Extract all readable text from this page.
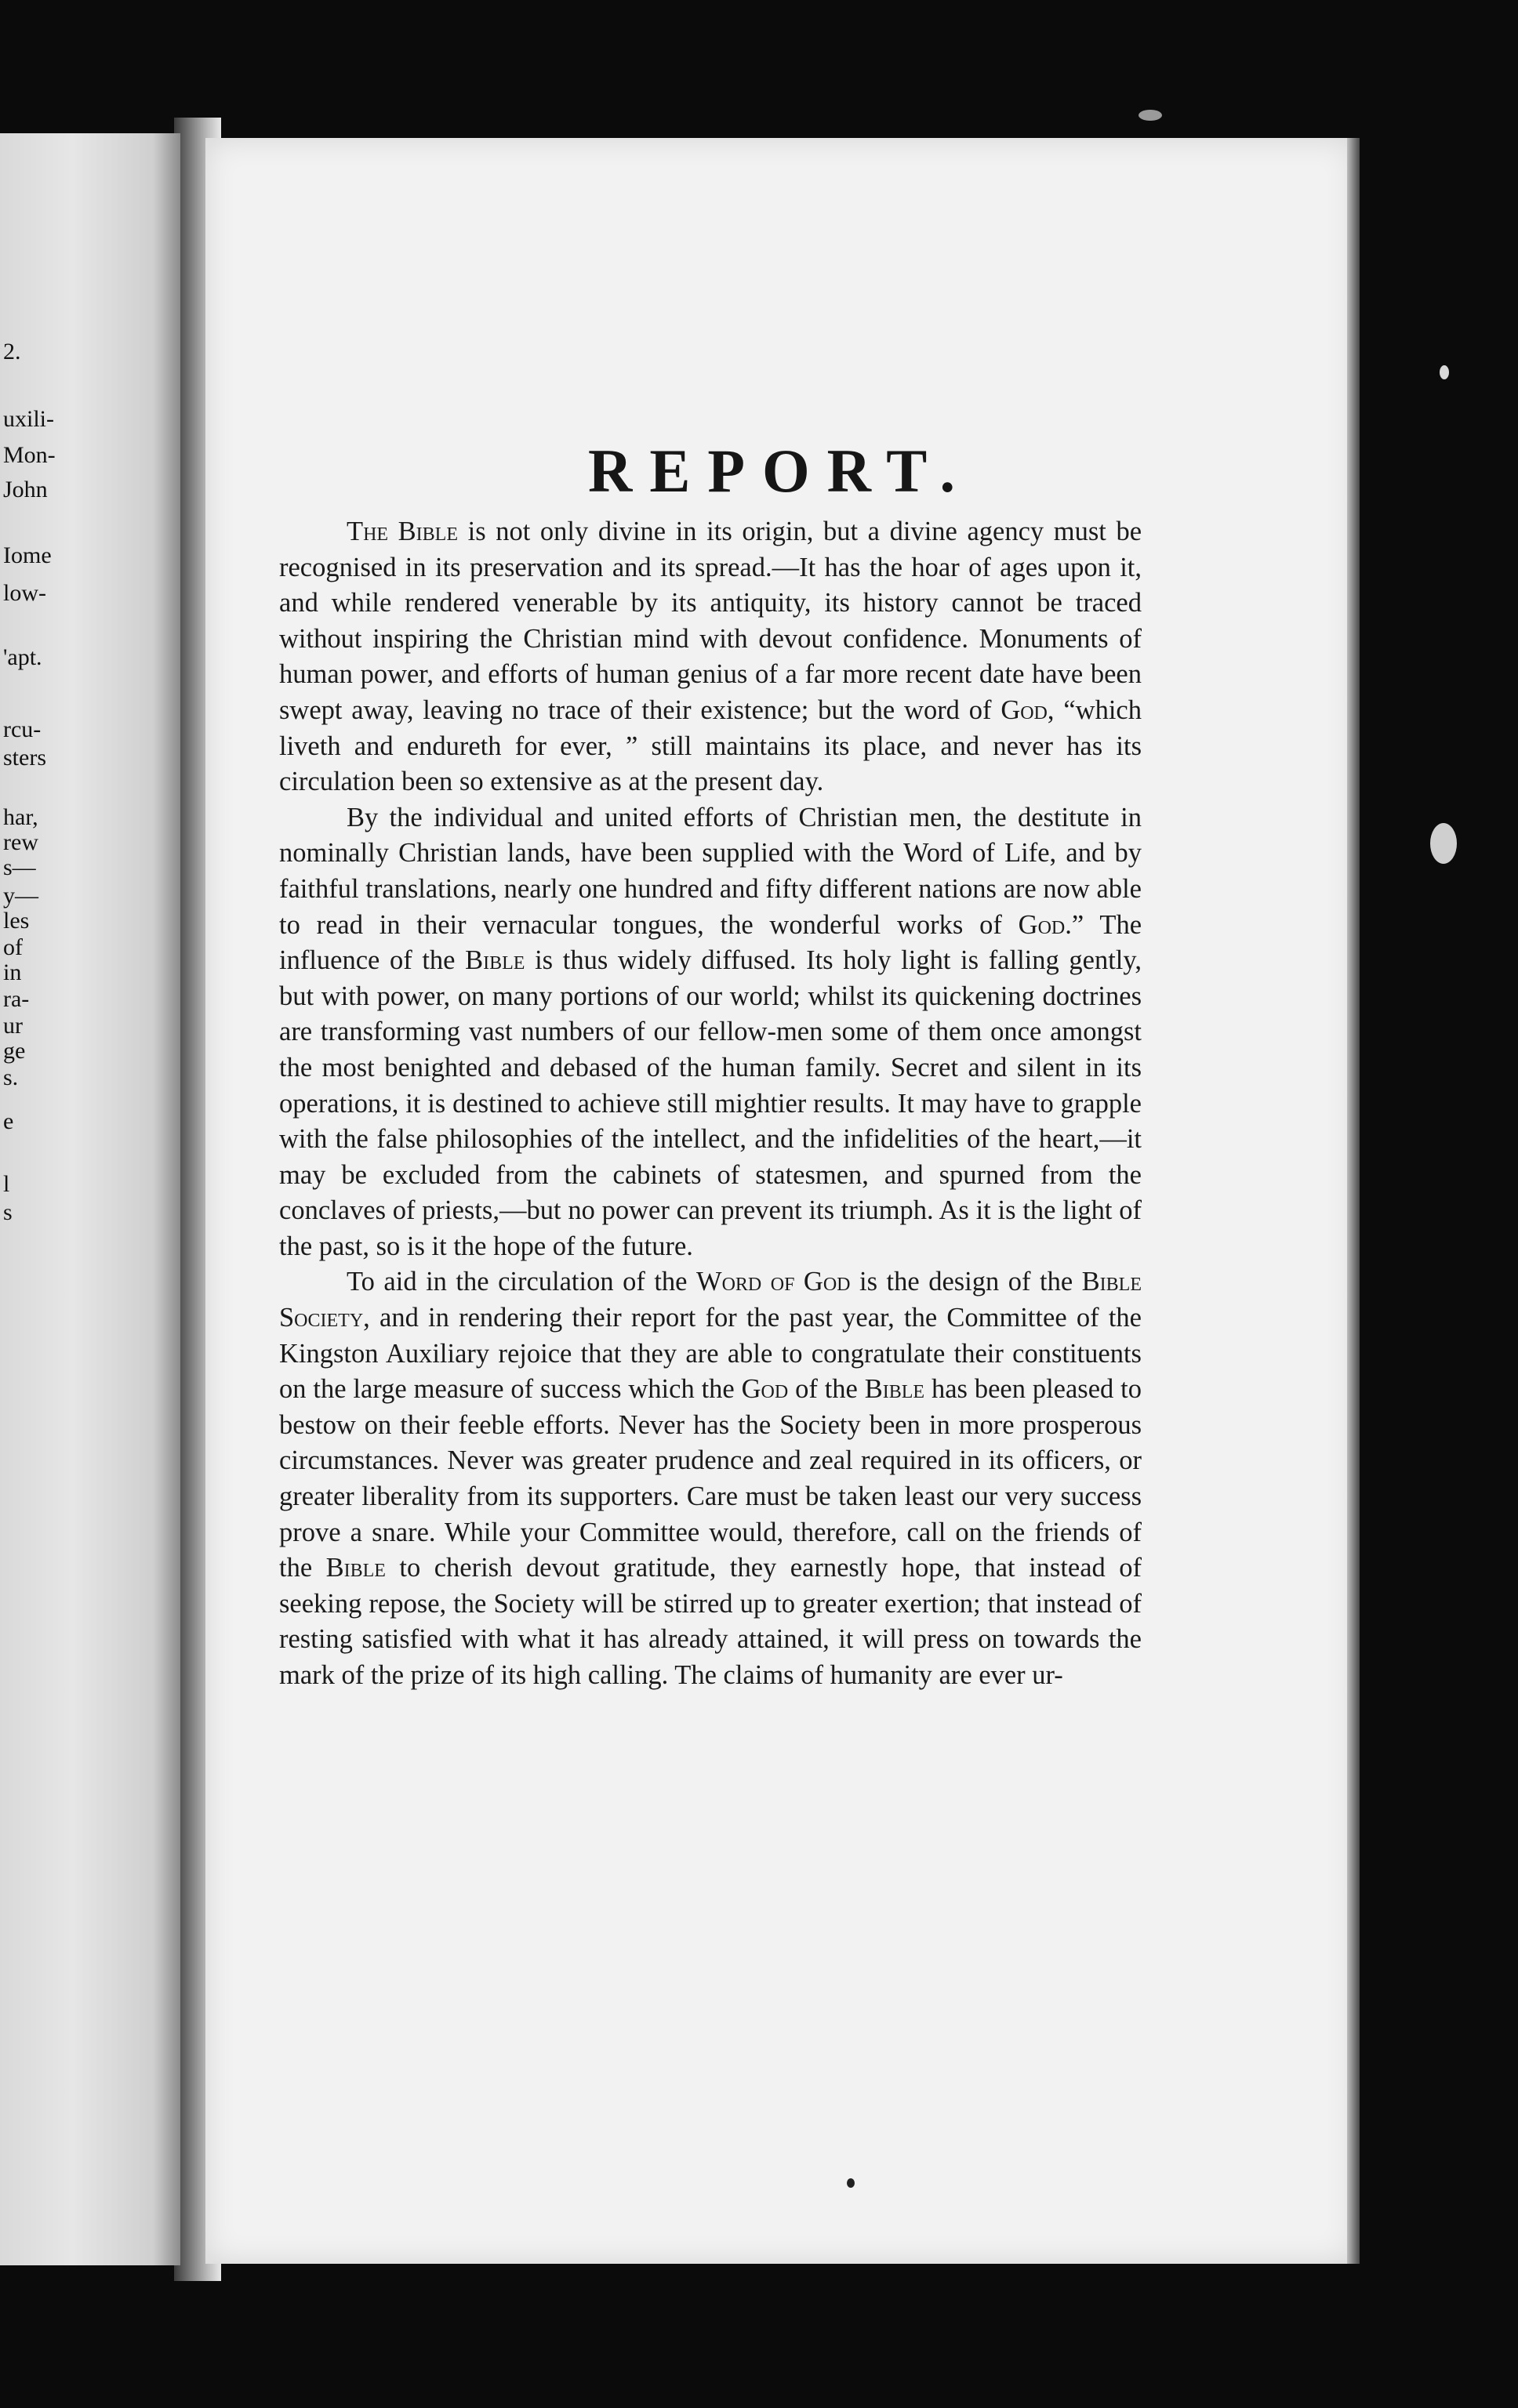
2.
uxili-
Mon-
John
Iome
low-
'apt.
rcu-
sters
har,
rew
s—
y—
les
of
in
ra-
ur
ge
s.
e
l
s
REPORT.

The Bible is not only divine in its origin, but a divine agency must be recognised in its preservation and its spread.—It has the hoar of ages upon it, and while rendered venerable by its antiquity, its history cannot be traced without inspiring the Christian mind with devout confidence. Monuments of human power, and efforts of human genius of a far more recent date have been swept away, leaving no trace of their existence; but the word of God, “which liveth and endureth for ever, ” still maintains its place, and never has its circulation been so extensive as at the present day.

By the individual and united efforts of Christian men, the destitute in nominally Christian lands, have been supplied with the Word of Life, and by faithful translations, nearly one hundred and fifty different nations are now able to read in their vernacular tongues, the wonderful works of God.” The influence of the Bible is thus widely diffused. Its holy light is falling gently, but with power, on many portions of our world; whilst its quickening doctrines are transforming vast numbers of our fellow-men some of them once amongst the most benighted and debased of the human family. Secret and silent in its operations, it is destined to achieve still mightier results. It may have to grapple with the false philosophies of the intellect, and the infidelities of the heart,—it may be excluded from the cabinets of statesmen, and spurned from the conclaves of priests,—but no power can prevent its triumph. As it is the light of the past, so is it the hope of the future.

To aid in the circulation of the Word of God is the design of the Bible Society, and in rendering their report for the past year, the Committee of the Kingston Auxiliary rejoice that they are able to congratulate their constituents on the large measure of success which the God of the Bible has been pleased to bestow on their feeble efforts. Never has the Society been in more prosperous circumstances. Never was greater prudence and zeal required in its officers, or greater liberality from its supporters. Care must be taken least our very success prove a snare. While your Committee would, therefore, call on the friends of the Bible to cherish devout gratitude, they earnestly hope, that instead of seeking repose, the Society will be stirred up to greater exertion; that instead of resting satisfied with what it has already attained, it will press on towards the mark of the prize of its high calling. The claims of humanity are ever ur-
